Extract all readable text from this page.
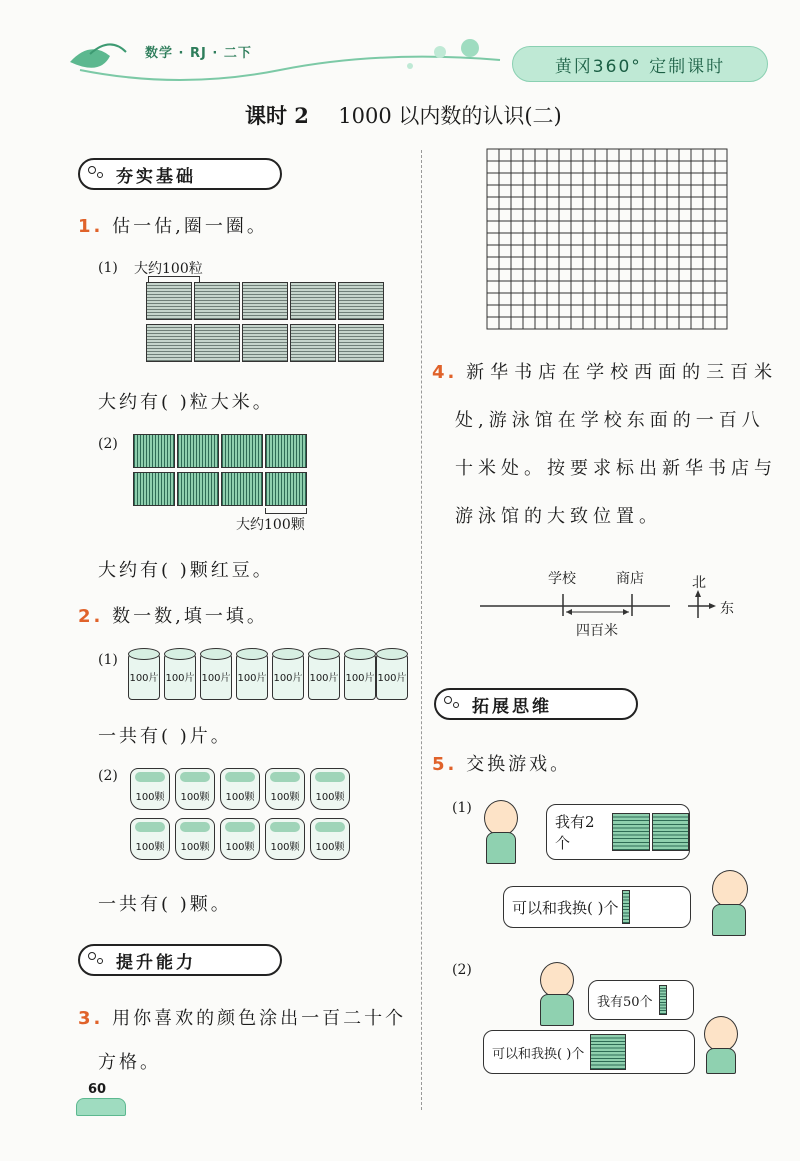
数学 · RJ · 二下
黄冈360° 定制课时
课时 2 1000 以内数的认识(二)
夯实基础
1. 估一估,圈一圈。
(1) 大约100粒
大约有( )粒大米。
(2)
大约100颗
大约有( )颗红豆。
2. 数一数,填一填。
(1)
100片 100片 100片 100片 100片 100片 100片 100片
一共有( )片。
(2)
100颗	100颗	100颗	100颗	100颗
100颗	100颗	100颗	100颗	100颗
一共有( )颗。
提升能力
3. 用你喜欢的颜色涂出一百二十个
方格。
60
4. 新华书店在学校西面的三百米
处,游泳馆在学校东面的一百八
十米处。按要求标出新华书店与
游泳馆的大致位置。
学校	商店
四百米
北
东
拓展思维
5. 交换游戏。
(1)
我有2个
可以和我换( )个
(2)
我有50个
可以和我换( )个
